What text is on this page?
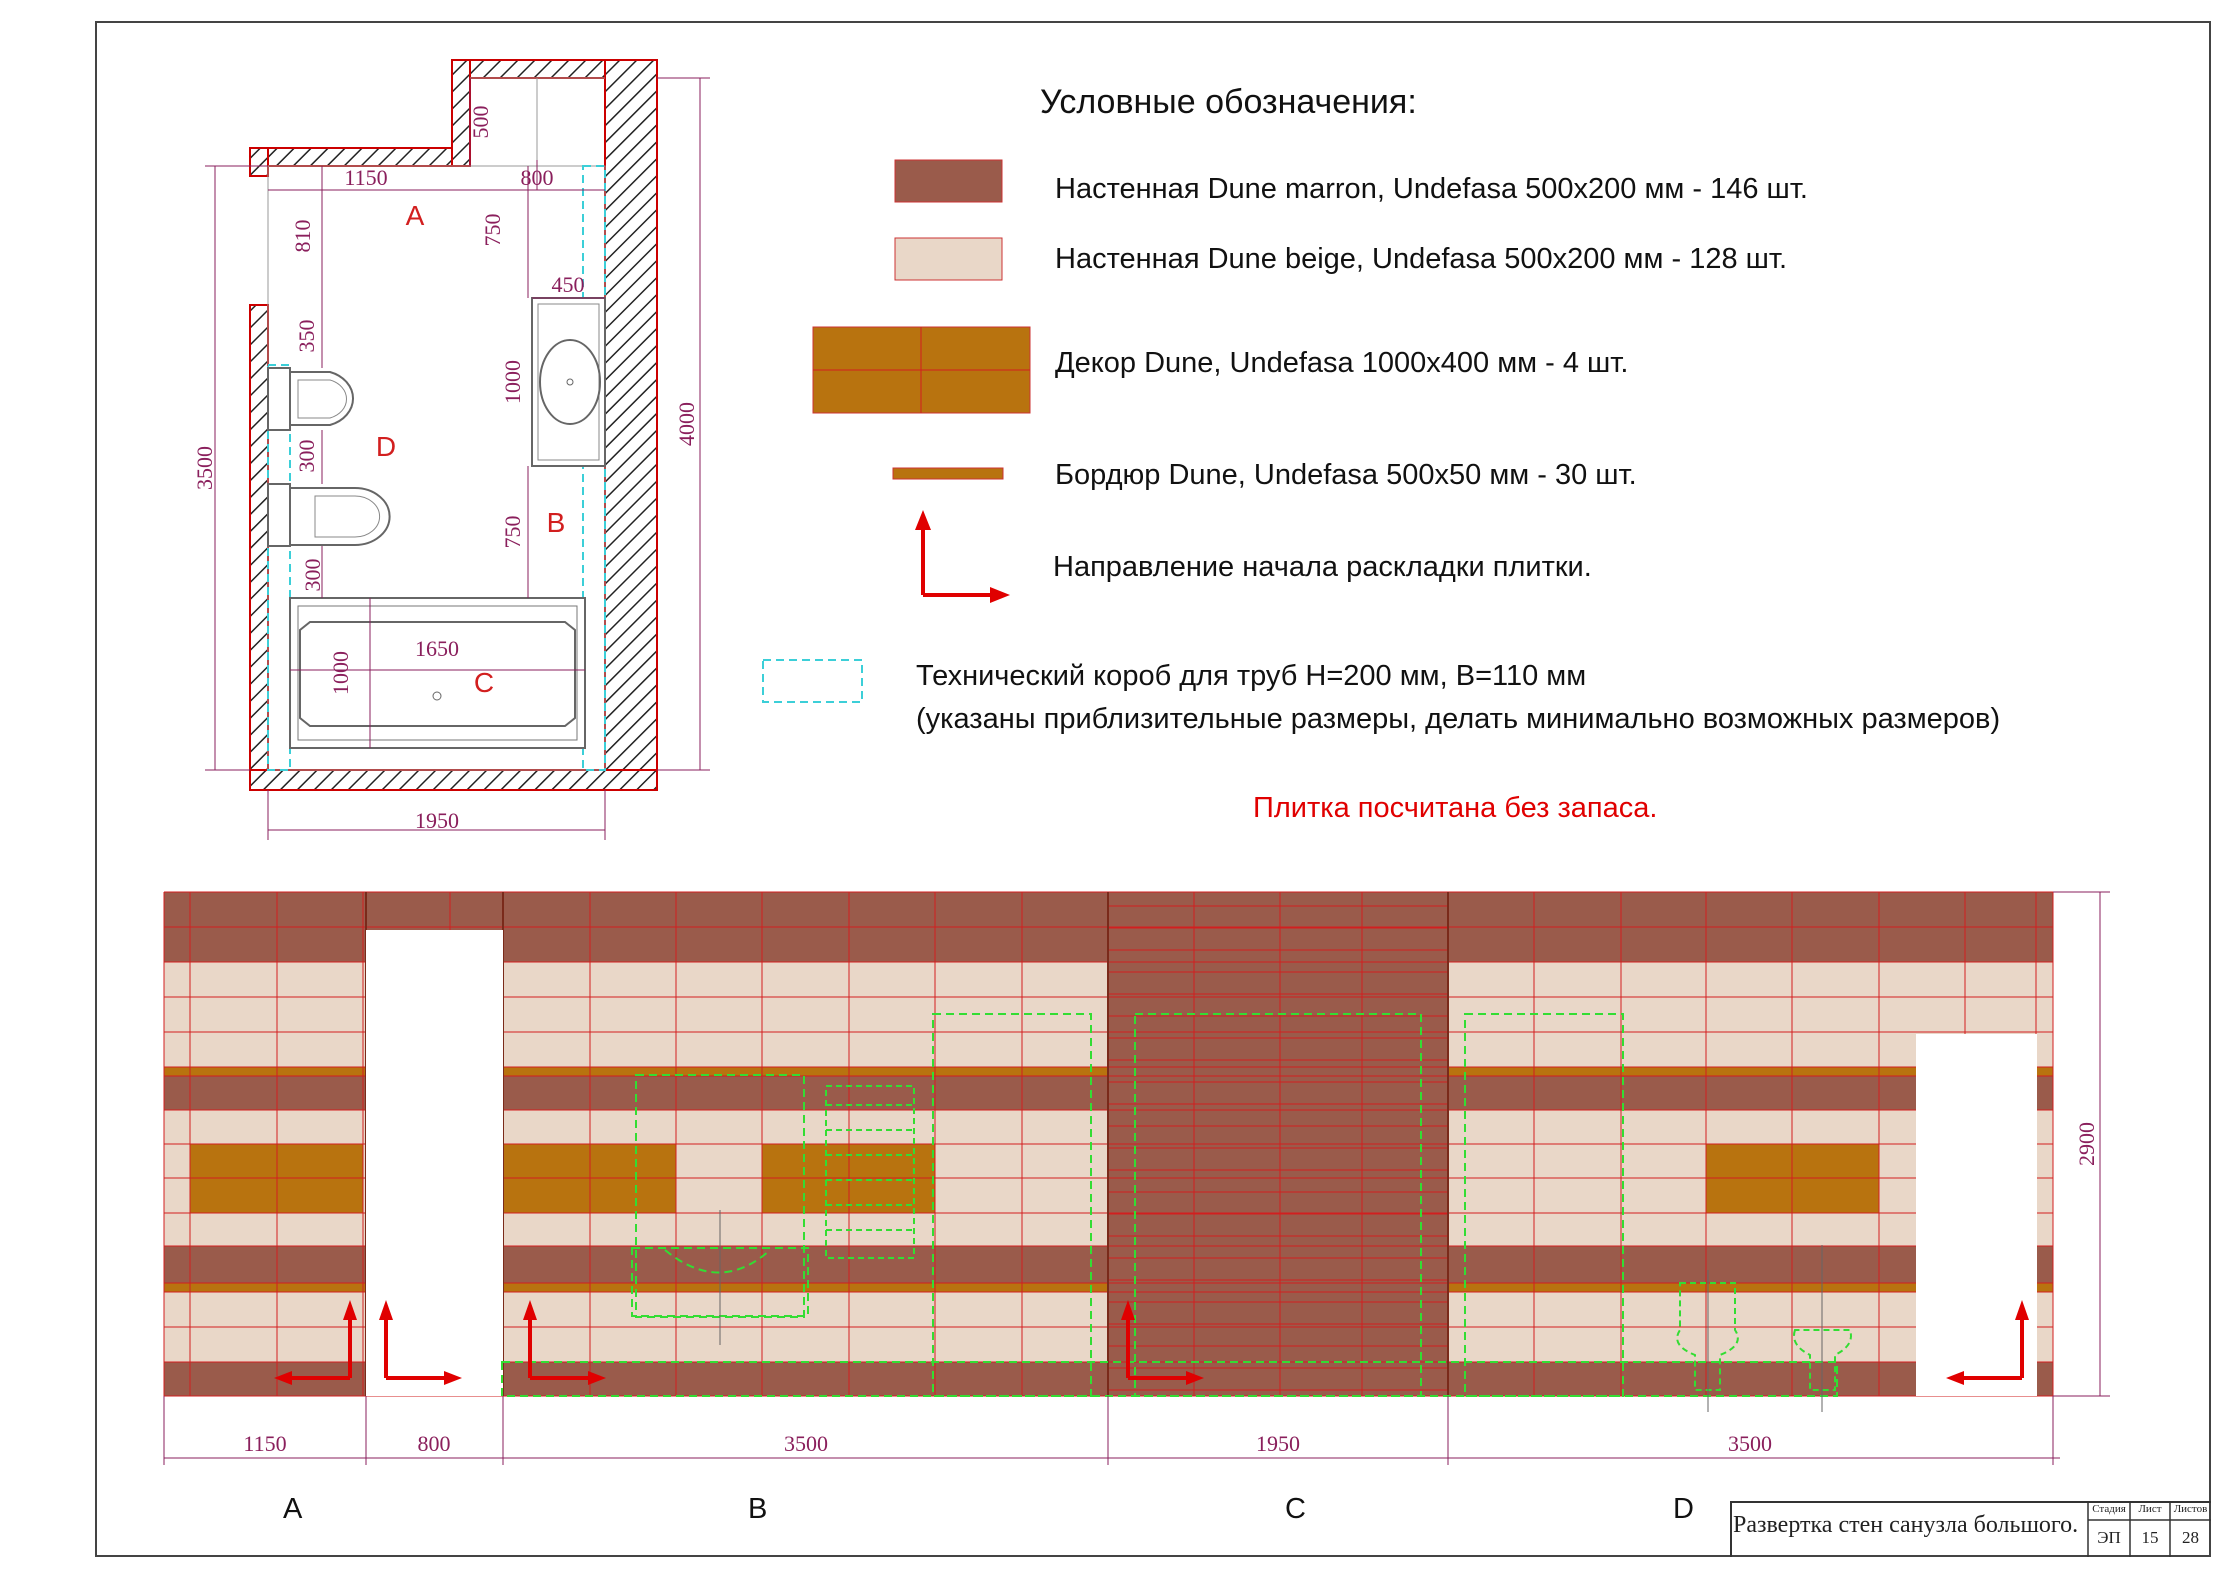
1150	800
500
810	750
450
350
1000
300
750
300
1650
1000
3500
4000
1950
A
B
C
D
Условные обозначения:
Настенная Dune marron, Undefasa 500x200 мм - 146 шт.
Настенная Dune beige, Undefasa 500x200 мм - 128 шт.
Декор Dune, Undefasa 1000x400 мм - 4 шт.
Бордюр Dune, Undefasa 500x50 мм - 30 шт.
Направление начала раскладки плитки.
Технический короб для труб H=200 мм, B=110 мм
(указаны приблизительные размеры, делать минимально возможных размеров)
Плитка посчитана без запаса.
2900
1150
A
800	3500
B
1950
C
3500
D Развертка стен санузла большого.
Стадия	Лист	Листов
ЭП	15	28
